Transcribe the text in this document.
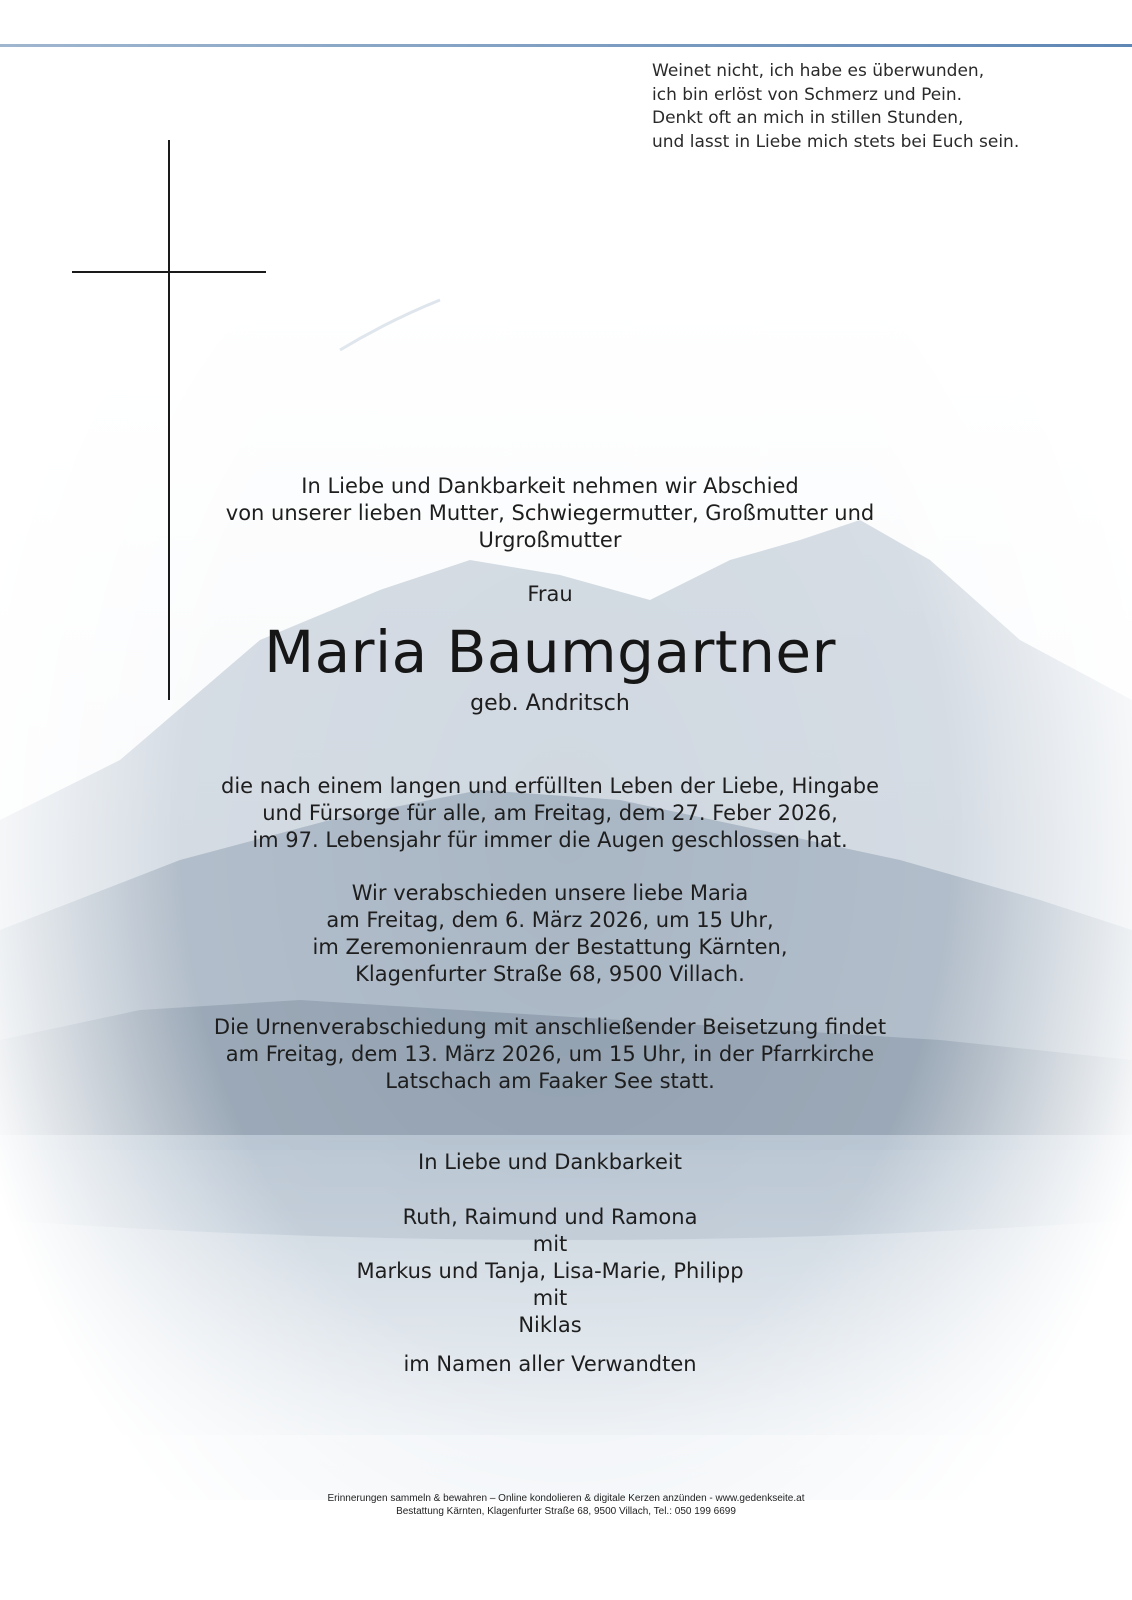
Weinet nicht, ich habe es überwunden,
ich bin erlöst von Schmerz und Pein.
Denkt oft an mich in stillen Stunden,
und lasst in Liebe mich stets bei Euch sein.
In Liebe und Dankbarkeit nehmen wir Abschied
von unserer lieben Mutter, Schwiegermutter, Großmutter und
Urgroßmutter
Frau
Maria Baumgartner
geb. Andritsch
die nach einem langen und erfüllten Leben der Liebe, Hingabe
und Fürsorge für alle, am Freitag, dem 27. Feber 2026,
im 97. Lebensjahr für immer die Augen geschlossen hat.
Wir verabschieden unsere liebe Maria
am Freitag, dem 6. März 2026, um 15 Uhr,
im Zeremonienraum der Bestattung Kärnten,
Klagenfurter Straße 68, 9500 Villach.
Die Urnenverabschiedung mit anschließender Beisetzung findet
am Freitag, dem 13. März 2026, um 15 Uhr, in der Pfarrkirche
Latschach am Faaker See statt.
In Liebe und Dankbarkeit
Ruth, Raimund und Ramona
mit
Markus und Tanja, Lisa-Marie, Philipp
mit
Niklas
im Namen aller Verwandten
Erinnerungen sammeln & bewahren – Online kondolieren & digitale Kerzen anzünden - www.gedenkseite.at
Bestattung Kärnten, Klagenfurter Straße 68, 9500 Villach, Tel.: 050 199 6699
